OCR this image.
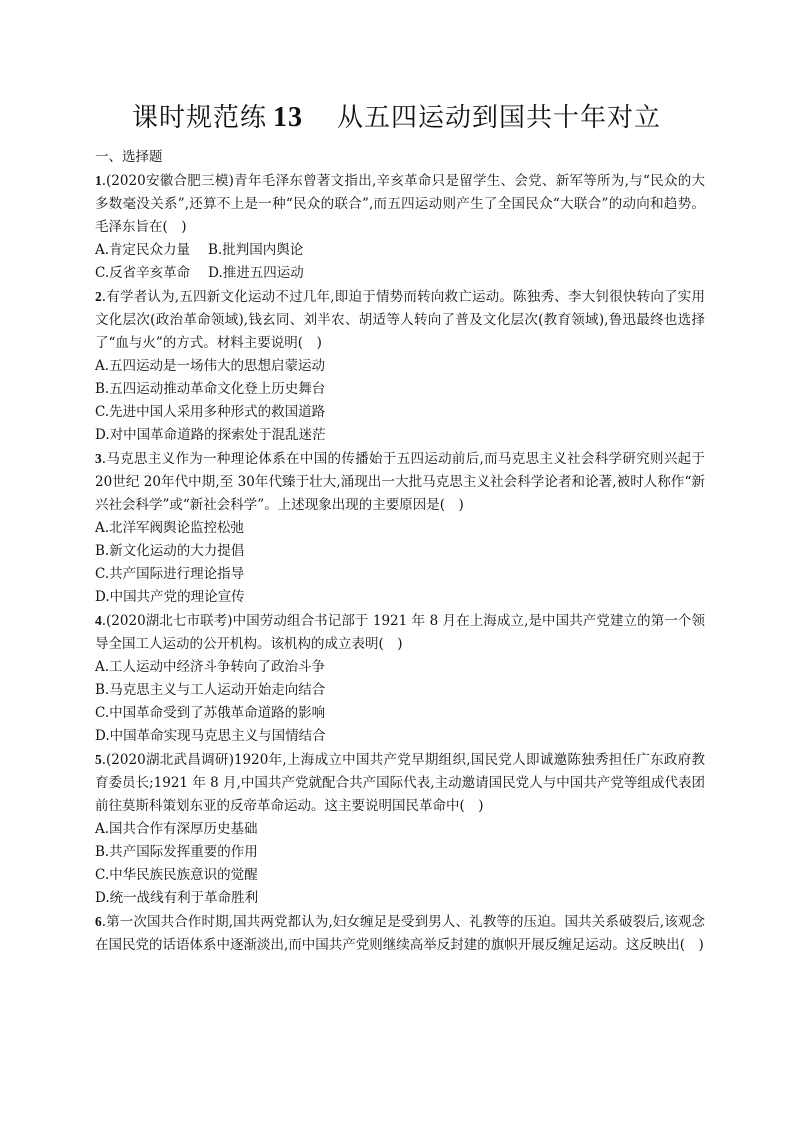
课时规范练 13 从五四运动到国共十年对立

一、选择题

1.(2020安徽合肥三模)青年毛泽东曾著文指出,辛亥革命只是留学生、会党、新军等所为,与“民众的大多数毫没关系”,还算不上是一种“民众的联合”,而五四运动则产生了全国民众“大联合”的动向和趋势。毛泽东旨在(　)

A.肯定民众力量 B.批判国内舆论

C.反省辛亥革命 D.推进五四运动

2.有学者认为,五四新文化运动不过几年,即迫于情势而转向救亡运动。陈独秀、李大钊很快转向了实用文化层次(政治革命领域),钱玄同、刘半农、胡适等人转向了普及文化层次(教育领域),鲁迅最终也选择了“血与火”的方式。材料主要说明(　)

A.五四运动是一场伟大的思想启蒙运动

B.五四运动推动革命文化登上历史舞台

C.先进中国人采用多种形式的救国道路

D.对中国革命道路的探索处于混乱迷茫

3.马克思主义作为一种理论体系在中国的传播始于五四运动前后,而马克思主义社会科学研究则兴起于 20世纪 20年代中期,至 30年代臻于壮大,涌现出一大批马克思主义社会科学论者和论著,被时人称作“新兴社会科学”或“新社会科学”。上述现象出现的主要原因是(　)

A.北洋军阀舆论监控松弛

B.新文化运动的大力提倡

C.共产国际进行理论指导

D.中国共产党的理论宣传

4.(2020湖北七市联考)中国劳动组合书记部于 1921 年 8 月在上海成立,是中国共产党建立的第一个领导全国工人运动的公开机构。该机构的成立表明(　)

A.工人运动中经济斗争转向了政治斗争

B.马克思主义与工人运动开始走向结合

C.中国革命受到了苏俄革命道路的影响

D.中国革命实现马克思主义与国情结合

5.(2020湖北武昌调研)1920年,上海成立中国共产党早期组织,国民党人即诚邀陈独秀担任广东政府教育委员长;1921 年 8 月,中国共产党就配合共产国际代表,主动邀请国民党人与中国共产党等组成代表团前往莫斯科策划东亚的反帝革命运动。这主要说明国民革命中(　)

A.国共合作有深厚历史基础

B.共产国际发挥重要的作用

C.中华民族民族意识的觉醒

D.统一战线有利于革命胜利

6.第一次国共合作时期,国共两党都认为,妇女缠足是受到男人、礼教等的压迫。国共关系破裂后,该观念在国民党的话语体系中逐渐淡出,而中国共产党则继续高举反封建的旗帜开展反缠足运动。这反映出(　)
